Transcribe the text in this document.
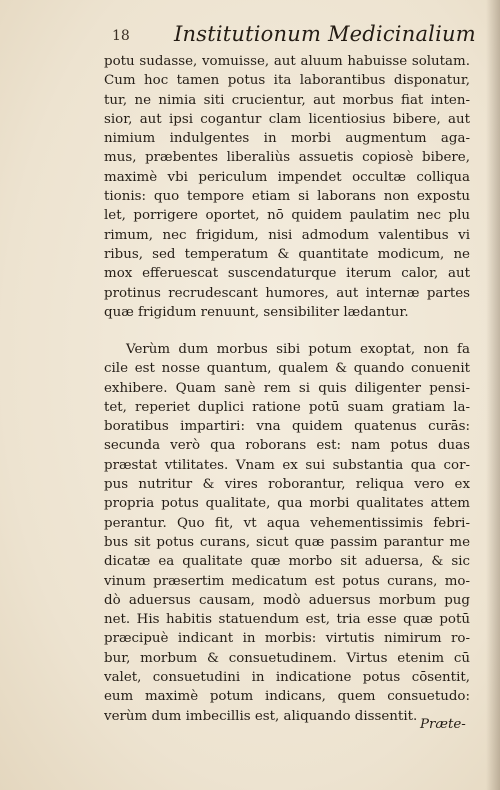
18 Institutionum Medicinalium
potu sudasse, vomuisse, aut aluum habuisse solutam.
Cum hoc tamen potus ita laborantibus disponatur,
tur, ne nimia siti crucientur, aut morbus fiat inten-
sior, aut ipsi cogantur clam licentiosius bibere, aut
nimium indulgentes in morbi augmentum aga-
mus, præbentes liberaliùs assuetis copiosè bibere,
maximè vbi periculum impendet occultæ colliqua
tionis: quo tempore etiam si laborans non expostu
let, porrigere oportet, nō quidem paulatim nec plu
rimum, nec frigidum, nisi admodum valentibus vi
ribus, sed temperatum & quantitate modicum, ne
mox efferuescat suscendaturque iterum calor, aut
protinus recrudescant humores, aut internæ partes
quæ frigidum renuunt, sensibiliter lædantur.
Verùm dum morbus sibi potum exoptat, non fa
cile est nosse quantum, qualem & quando conuenit
exhibere. Quam sanè rem si quis diligenter pensi-
tet, reperiet duplici ratione potū suam gratiam la-
boratibus impartiri: vna quidem quatenus curās:
secunda verò qua roborans est: nam potus duas
præstat vtilitates. Vnam ex sui substantia qua cor-
pus nutritur & vires roborantur, reliqua vero ex
propria potus qualitate, qua morbi qualitates attem
perantur. Quo fit, vt aqua vehementissimis febri-
bus sit potus curans, sicut quæ passim parantur me
dicatæ ea qualitate quæ morbo sit aduersa, & sic
vinum præsertim medicatum est potus curans, mo-
dò aduersus causam, modò aduersus morbum pug
net. His habitis statuendum est, tria esse quæ potū
præcipuè indicant in morbis: virtutis nimirum ro-
bur, morbum & consuetudinem. Virtus etenim cū
valet, consuetudini in indicatione potus cōsentit,
eum maximè potum indicans, quem consuetudo:
verùm dum imbecillis est, aliquando dissentit.
Præte-
